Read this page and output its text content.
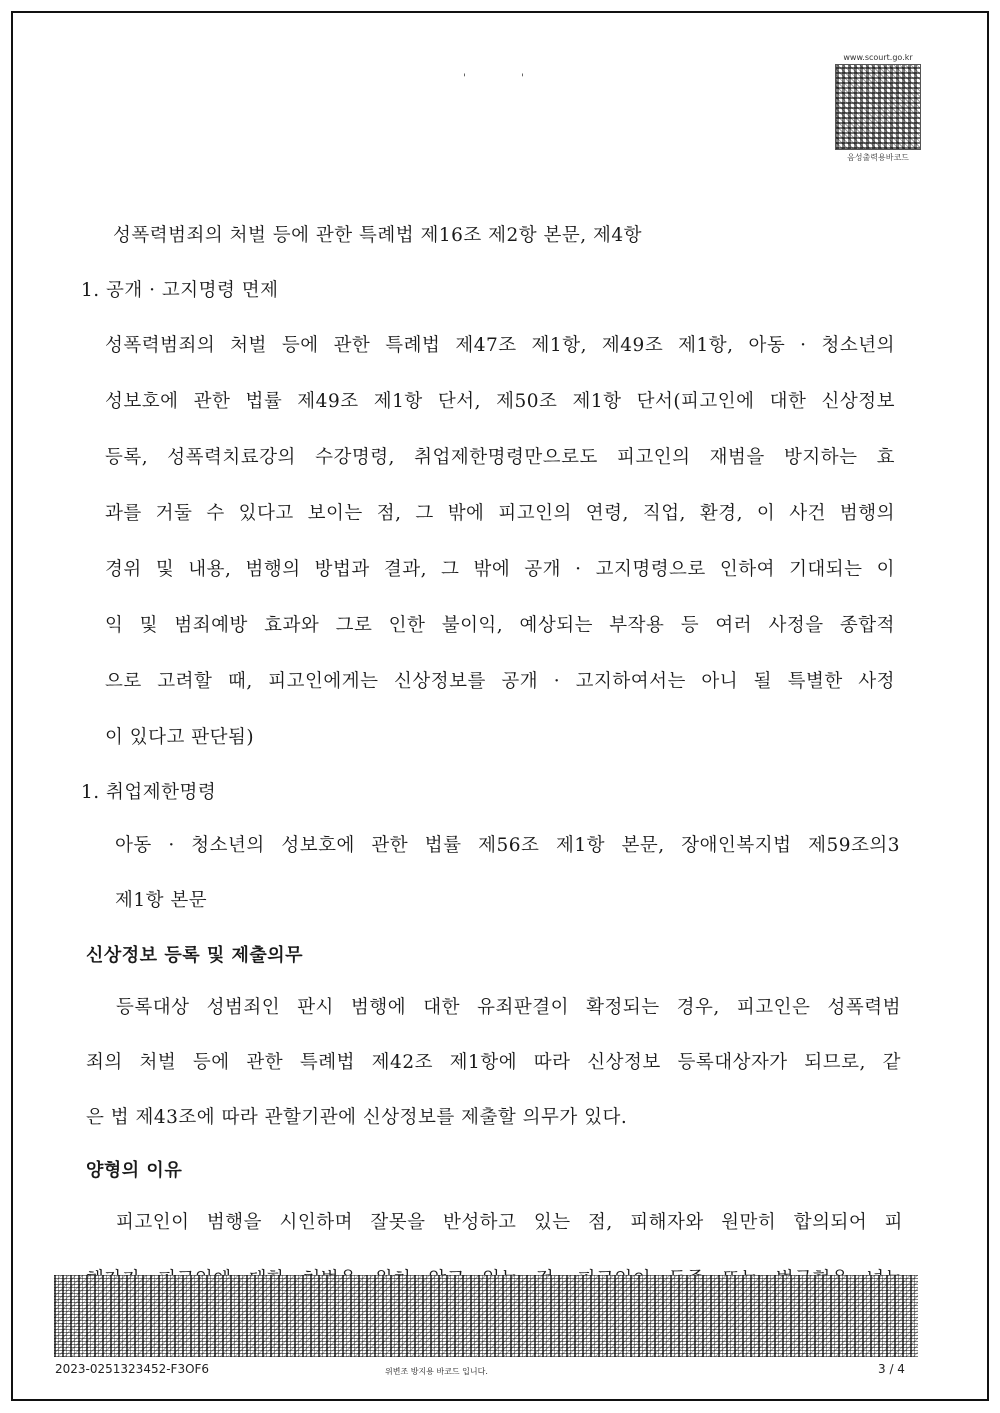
'	'
www.scourt.go.kr
음성출력용바코드
성폭력범죄의 처벌 등에 관한 특례법 제16조 제2항 본문, 제4항
1. 공개 · 고지명령 면제
성폭력범죄의 처벌 등에 관한 특례법 제47조 제1항, 제49조 제1항, 아동 · 청소년의
성보호에 관한 법률 제49조 제1항 단서, 제50조 제1항 단서(피고인에 대한 신상정보
등록, 성폭력치료강의 수강명령, 취업제한명령만으로도 피고인의 재범을 방지하는 효
과를 거둘 수 있다고 보이는 점, 그 밖에 피고인의 연령, 직업, 환경, 이 사건 범행의
경위 및 내용, 범행의 방법과 결과, 그 밖에 공개 · 고지명령으로 인하여 기대되는 이
익 및 범죄예방 효과와 그로 인한 불이익, 예상되는 부작용 등 여러 사정을 종합적
으로 고려할 때, 피고인에게는 신상정보를 공개 · 고지하여서는 아니 될 특별한 사정
이 있다고 판단됨)
1. 취업제한명령
아동 · 청소년의 성보호에 관한 법률 제56조 제1항 본문, 장애인복지법 제59조의3
제1항 본문
신상정보 등록 및 제출의무
등록대상 성범죄인 판시 범행에 대한 유죄판결이 확정되는 경우, 피고인은 성폭력범
죄의 처벌 등에 관한 특례법 제42조 제1항에 따라 신상정보 등록대상자가 되므로, 같
은 법 제43조에 따라 관할기관에 신상정보를 제출할 의무가 있다.
양형의 이유
피고인이 범행을 시인하며 잘못을 반성하고 있는 점, 피해자와 원만히 합의되어 피
2023-0251323452-F3OF6	위변조 방지용 바코드 입니다.	3 / 4
